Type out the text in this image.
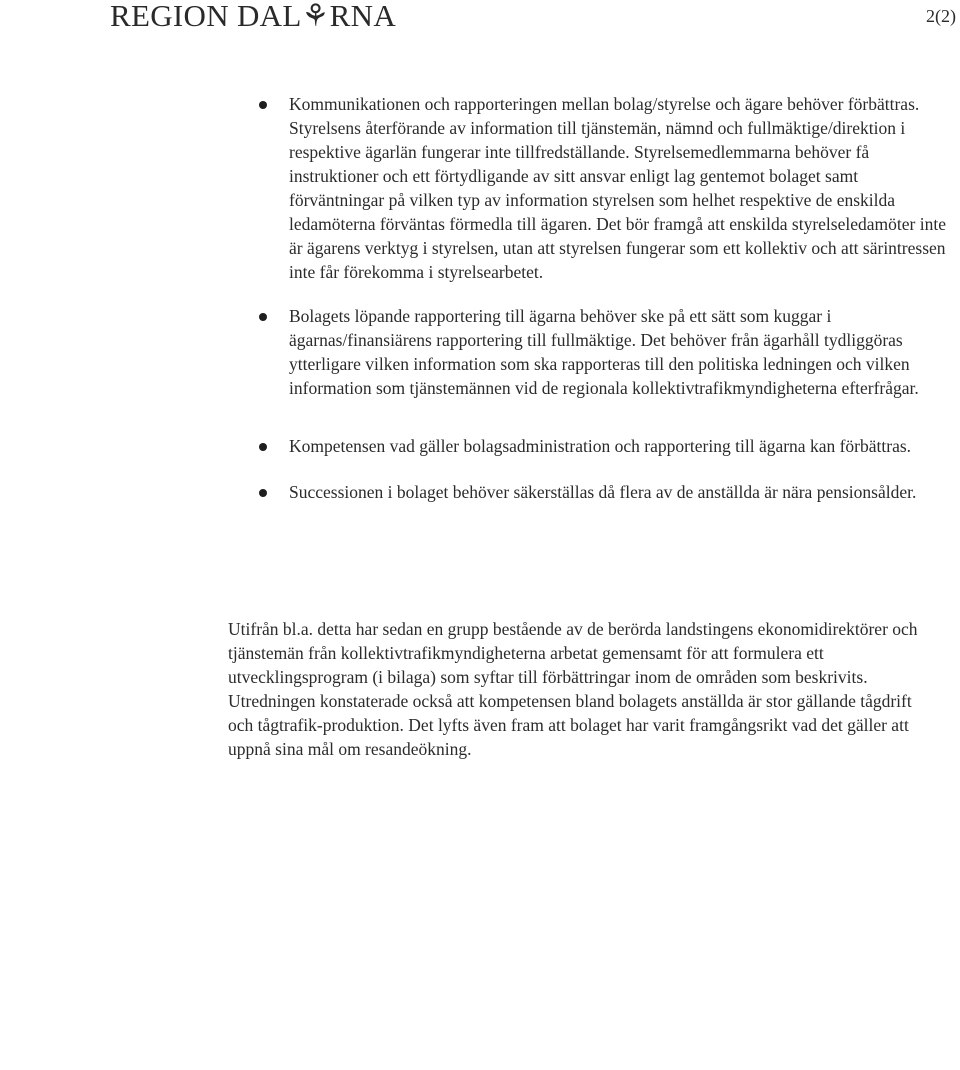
REGION DAL⚘RNA	2(2)
Kommunikationen och rapporteringen mellan bolag/styrelse och ägare behöver förbättras. Styrelsens återförande av information till tjänstemän, nämnd och fullmäktige/direktion i respektive ägarlän fungerar inte tillfredställande. Styrelsemedlemmarna behöver få instruktioner och ett förtydligande av sitt ansvar enligt lag gentemot bolaget samt förväntningar på vilken typ av information styrelsen som helhet respektive de enskilda ledamöterna förväntas förmedla till ägaren. Det bör framgå att enskilda styrelseledamöter inte är ägarens verktyg i styrelsen, utan att styrelsen fungerar som ett kollektiv och att särintressen inte får förekomma i styrelsearbetet.
Bolagets löpande rapportering till ägarna behöver ske på ett sätt som kuggar i ägarnas/finansiärens rapportering till fullmäktige. Det behöver från ägarhåll tydliggöras ytterligare vilken information som ska rapporteras till den politiska ledningen och vilken information som tjänstemännen vid de regionala kollektivtrafikmyndigheterna efterfrågar.
Kompetensen vad gäller bolagsadministration och rapportering till ägarna kan förbättras.
Successionen i bolaget behöver säkerställas då flera av de anställda är nära pensionsålder.

Utifrån bl.a. detta har sedan en grupp bestående av de berörda landstingens ekonomidirektörer och tjänstemän från kollektivtrafikmyndigheterna arbetat gemensamt för att formulera ett utvecklingsprogram (i bilaga) som syftar till förbättringar inom de områden som beskrivits. Utredningen konstaterade också att kompetensen bland bolagets anställda är stor gällande tågdrift och tågtrafik-produktion. Det lyfts även fram att bolaget har varit framgångsrikt vad det gäller att uppnå sina mål om resandeökning.
